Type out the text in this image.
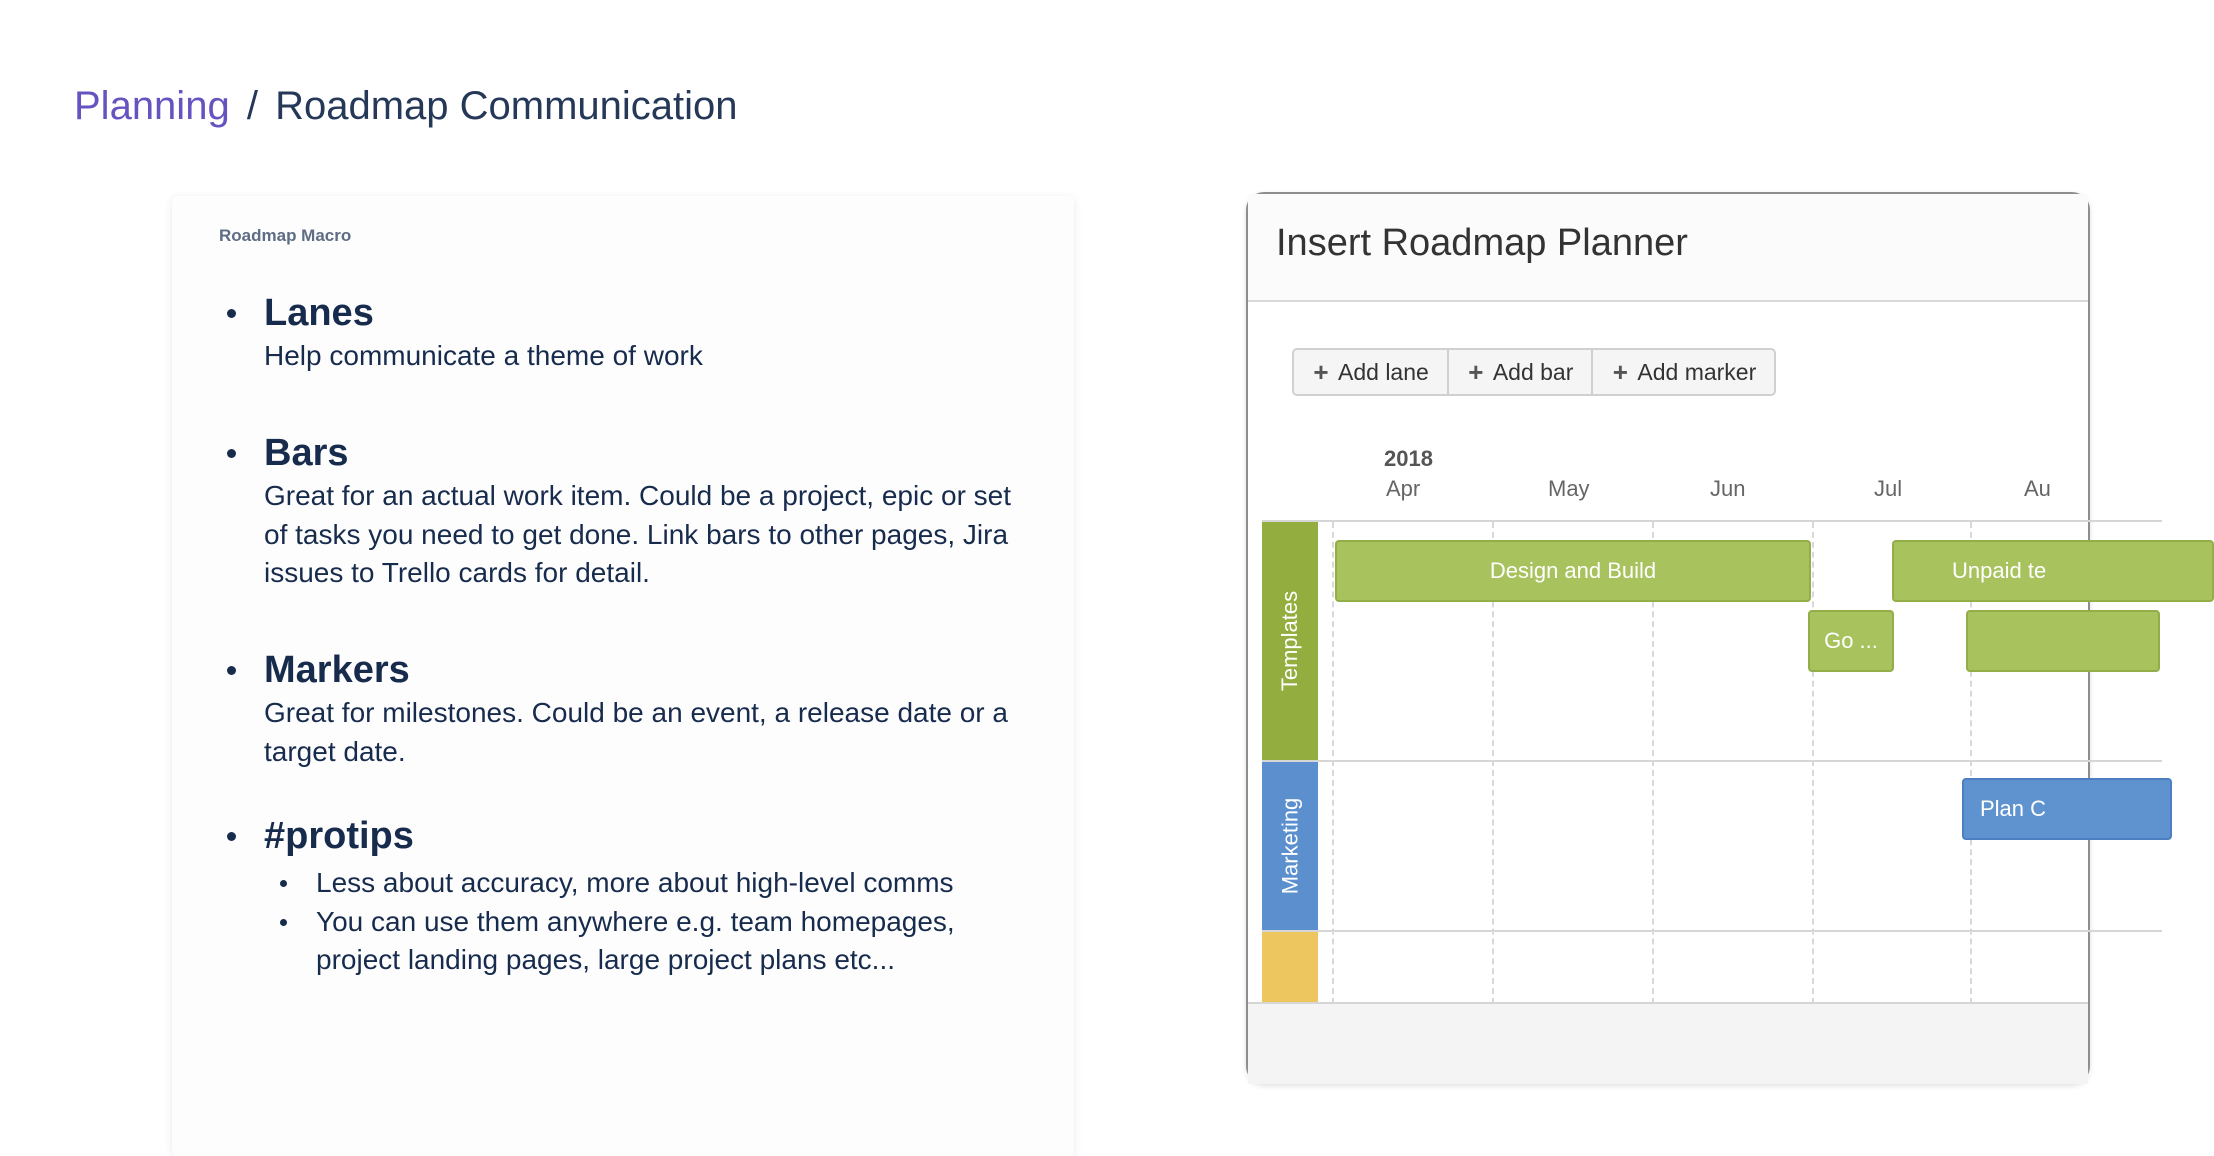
Planning / Roadmap Communication
Roadmap Macro
Lanes
Help communicate a theme of work
Bars
Great for an actual work item. Could be a project, epic or set of tasks you need to get done. Link bars to other pages, Jira issues to Trello cards for detail.
Markers
Great for milestones. Could be an event, a release date or a target date.
#protips
Less about accuracy, more about high-level comms
You can use them anywhere e.g. team homepages, project landing pages, large project plans etc...
Insert Roadmap Planner
+ Add lane + Add bar + Add marker
2018
Apr	May	Jun	Jul	Au
Templates
Marketing
Design and Build	Unpaid te
Go ...
Plan C
